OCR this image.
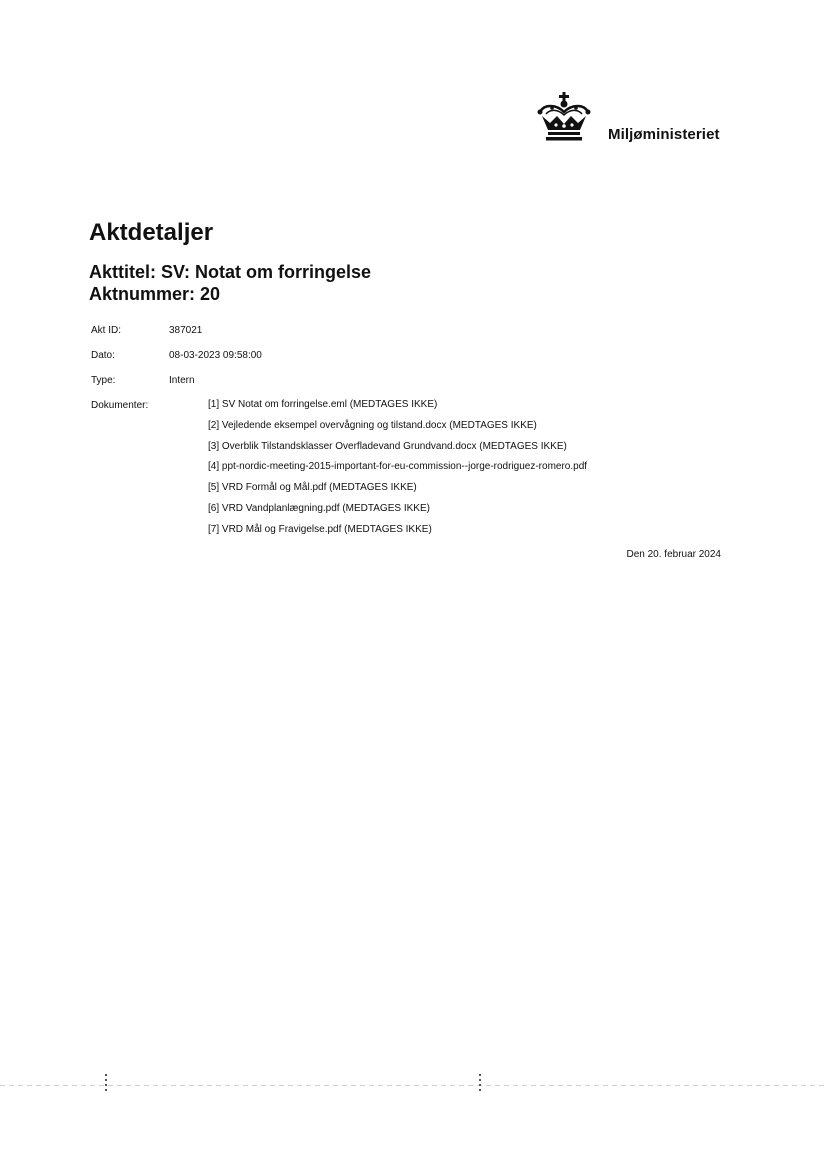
Miljøministeriet
Aktdetaljer
Akttitel: SV: Notat om forringelse
Aktnummer: 20
Akt ID:	387021
Dato:	08-03-2023 09:58:00
Type:	Intern
Dokumenter:	[1] SV Notat om forringelse.eml (MEDTAGES IKKE)
[2] Vejledende eksempel overvågning og tilstand.docx (MEDTAGES IKKE)
[3] Overblik Tilstandsklasser Overfladevand Grundvand.docx (MEDTAGES IKKE)
[4] ppt-nordic-meeting-2015-important-for-eu-commission--jorge-rodriguez-romero.pdf
[5] VRD Formål og Mål.pdf (MEDTAGES IKKE)
[6] VRD Vandplanlægning.pdf (MEDTAGES IKKE)
[7] VRD Mål og Fravigelse.pdf (MEDTAGES IKKE)
Den 20. februar 2024
